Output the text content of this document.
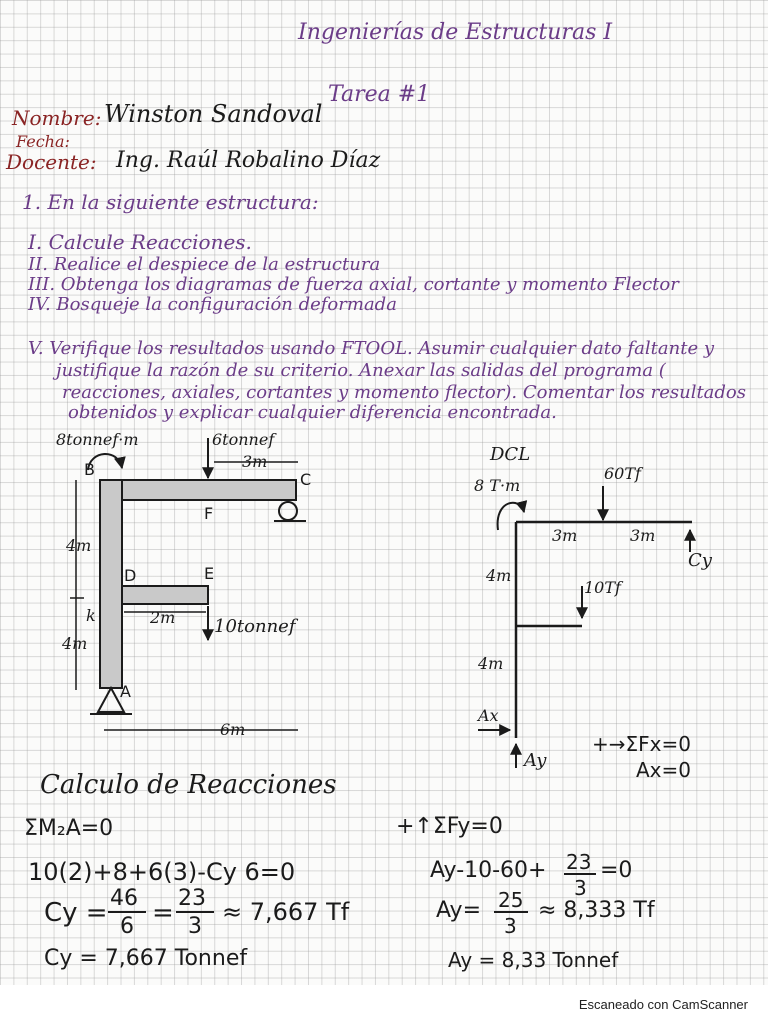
Ingenierías de Estructuras I
Tarea #1
Nombre: Winston Sandoval
Fecha:
Docente: Ing. Raúl Robalino Díaz
1. En la siguiente estructura:
I. Calcule Reacciones.
II. Realice el despiece de la estructura
III. Obtenga los diagramas de fuerza axial, cortante y momento Flector
IV. Bosqueje la configuración deformada
V. Verifique los resultados usando FTOOL. Asumir cualquier dato faltante y
justifique la razón de su criterio. Anexar las salidas del programa (
reacciones, axiales, cortantes y momento flector). Comentar los resultados
obtenidos y explicar cualquier diferencia encontrada.
8tonnef·m	6tonnef
3m
B
C
F
D	E
A
k
4m
4m
2m 10tonnef
6m
DCL
8 T·m
60Tf
3m	3m
Cy
4m
10Tf
4m
Ax
Ay
+→ΣFx=0
Ax=0
Calculo de Reacciones
ΣM₂A=0
10(2)+8+6(3)-Cy 6=0
Cy = 46
6 = 23
3
≈ 7,667 Tf
Cy = 7,667 Tonnef
+↑ΣFy=0
Ay-10-60+ 23
3
=0
Ay= 25
3
≈ 8,333 Tf
Ay = 8,33 Tonnef
Escaneado con CamScanner
